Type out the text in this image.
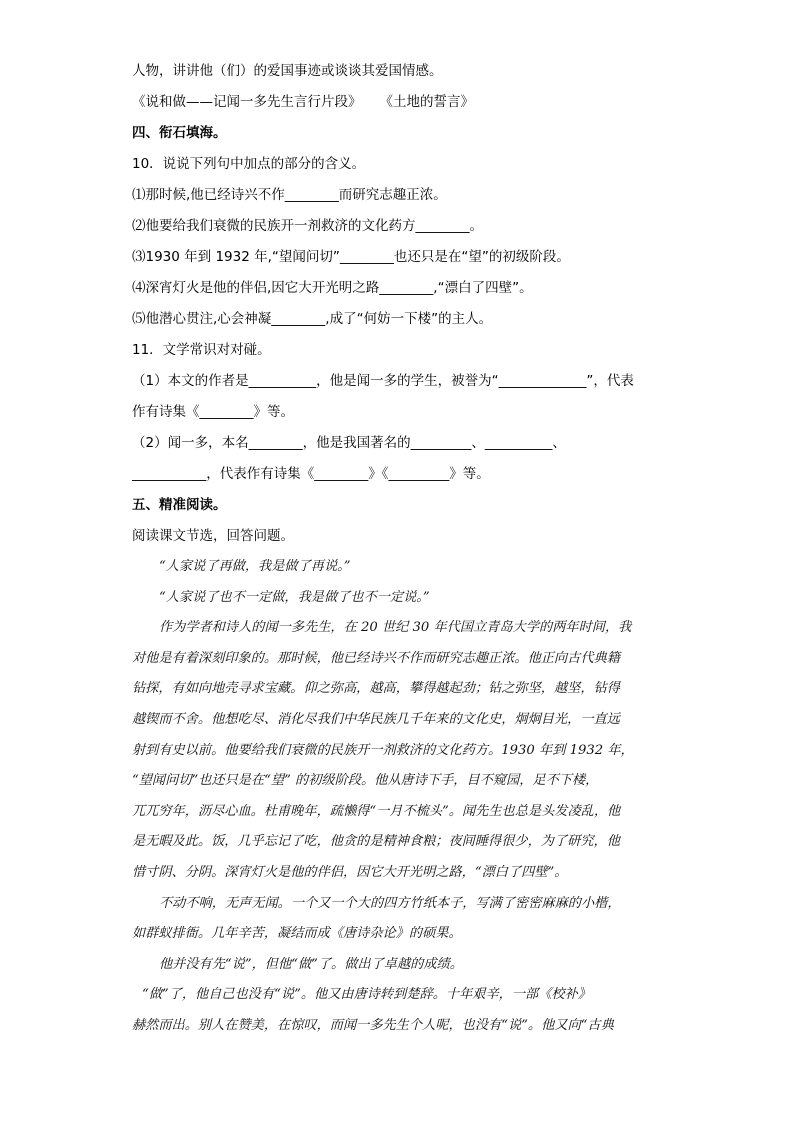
人物，讲讲他（们）的爱国事迹或谈谈其爱国情感。
《说和做——记闻一多先生言行片段》 《土地的誓言》
四、衔石填海。
10．说说下列句中加点的部分的含义。
⑴那时候,他已经诗兴不作________而研究志趣正浓。
⑵他要给我们衰微的民族开一剂救济的文化药方________。
⑶1930 年到 1932 年,“望闻问切”________也还只是在“望”的初级阶段。
⑷深宵灯火是他的伴侣,因它大开光明之路________,“漂白了四壁”。
⑸他潜心贯注,心会神凝________,成了“何妨一下楼”的主人。
11．文学常识对对碰。
（1）本文的作者是__________，他是闻一多的学生，被誉为“_____________”，代表
作有诗集《________》等。
（2）闻一多，本名________，他是我国著名的_________、__________、
___________，代表作有诗集《________》《_________》等。
五、精准阅读。
阅读课文节选，回答问题。
“人家说了再做，我是做了再说。”
“人家说了也不一定做，我是做了也不一定说。”
作为学者和诗人的闻一多先生，在 20 世纪 30 年代国立青岛大学的两年时间，我
对他是有着深刻印象的。那时候，他已经诗兴不作而研究志趣正浓。他正向古代典籍
钻探，有如向地壳寻求宝藏。仰之弥高，越高，攀得越起劲；钻之弥坚，越坚，钻得
越锲而不舍。他想吃尽、消化尽我们中华民族几千年来的文化史，炯炯目光，一直远
射到有史以前。他要给我们衰微的民族开一剂救济的文化药方。1930 年到 1932 年，
“望闻问切”也还只是在“望” 的初级阶段。他从唐诗下手，目不窥园，足不下楼，
兀兀穷年，沥尽心血。杜甫晚年，疏懒得“一月不梳头”。闻先生也总是头发凌乱，他
是无暇及此。饭，几乎忘记了吃，他贪的是精神食粮；夜间睡得很少，为了研究，他
惜寸阴、分阴。深宵灯火是他的伴侣，因它大开光明之路，“漂白了四壁”。
不动不响，无声无闻。一个又一个大的四方竹纸本子，写满了密密麻麻的小楷，
如群蚁排衙。几年辛苦，凝结而成《唐诗杂论》的硕果。
他并没有先“说”，但他“做”了。做出了卓越的成绩。
“做”了，他自己也没有“说”。他又由唐诗转到楚辞。十年艰辛，一部《校补》
赫然而出。别人在赞美，在惊叹，而闻一多先生个人呢，也没有“说”。他又向“古典
